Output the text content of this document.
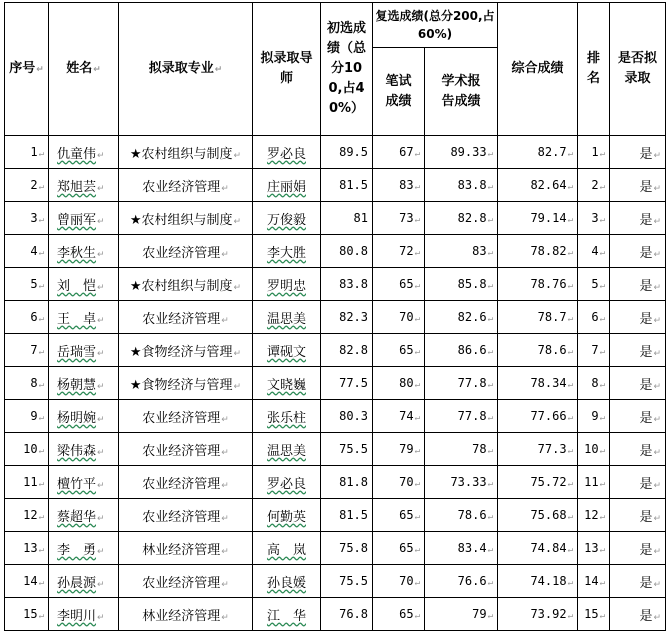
序号↵	姓名↵	拟录取专业↵	拟录取导师	初选成绩（总分100,占40%）	复选成绩(总分200,占60%)		综合成绩	排名	是否拟录取
					笔试成绩	学术报告成绩			
1↵	仇童伟↵	★农村组织与制度↵	罗必良	89.5	67↵	89.33↵	82.7↵	1↵	是↵
2↵	郑旭芸↵	农业经济管理↵	庄丽娟	81.5	83↵	83.8↵	82.64↵	2↵	是↵
3↵	曾丽军↵	★农村组织与制度↵	万俊毅	81	73↵	82.8↵	79.14↵	3↵	是↵
4↵	李秋生↵	农业经济管理↵	李大胜	80.8	72↵	83↵	78.82↵	4↵	是↵
5↵	刘　恺↵	★农村组织与制度↵	罗明忠	83.8	65↵	85.8↵	78.76↵	5↵	是↵
6↵	王　卓↵	农业经济管理↵	温思美	82.3	70↵	82.6↵	78.7↵	6↵	是↵
7↵	岳瑞雪↵	★食物经济与管理↵	谭砚文	82.8	65↵	86.6↵	78.6↵	7↵	是↵
8↵	杨朝慧↵	★食物经济与管理↵	文晓巍	77.5	80↵	77.8↵	78.34↵	8↵	是↵
9↵	杨明婉↵	农业经济管理↵	张乐柱	80.3	74↵	77.8↵	77.66↵	9↵	是↵
10↵	梁伟森↵	农业经济管理↵	温思美	75.5	79↵	78↵	77.3↵	10↵	是↵
11↵	檀竹平↵	农业经济管理↵	罗必良	81.8	70↵	73.33↵	75.72↵	11↵	是↵
12↵	蔡超华↵	农业经济管理↵	何勤英	81.5	65↵	78.6↵	75.68↵	12↵	是↵
13↵	李　勇↵	林业经济管理↵	高　岚	75.8	65↵	83.4↵	74.84↵	13↵	是↵
14↵	孙晨源↵	农业经济管理↵	孙良媛	75.5	70↵	76.6↵	74.18↵	14↵	是↵
15↵	李明川↵	林业经济管理↵	江　华	76.8	65↵	79↵	73.92↵	15↵	是↵
